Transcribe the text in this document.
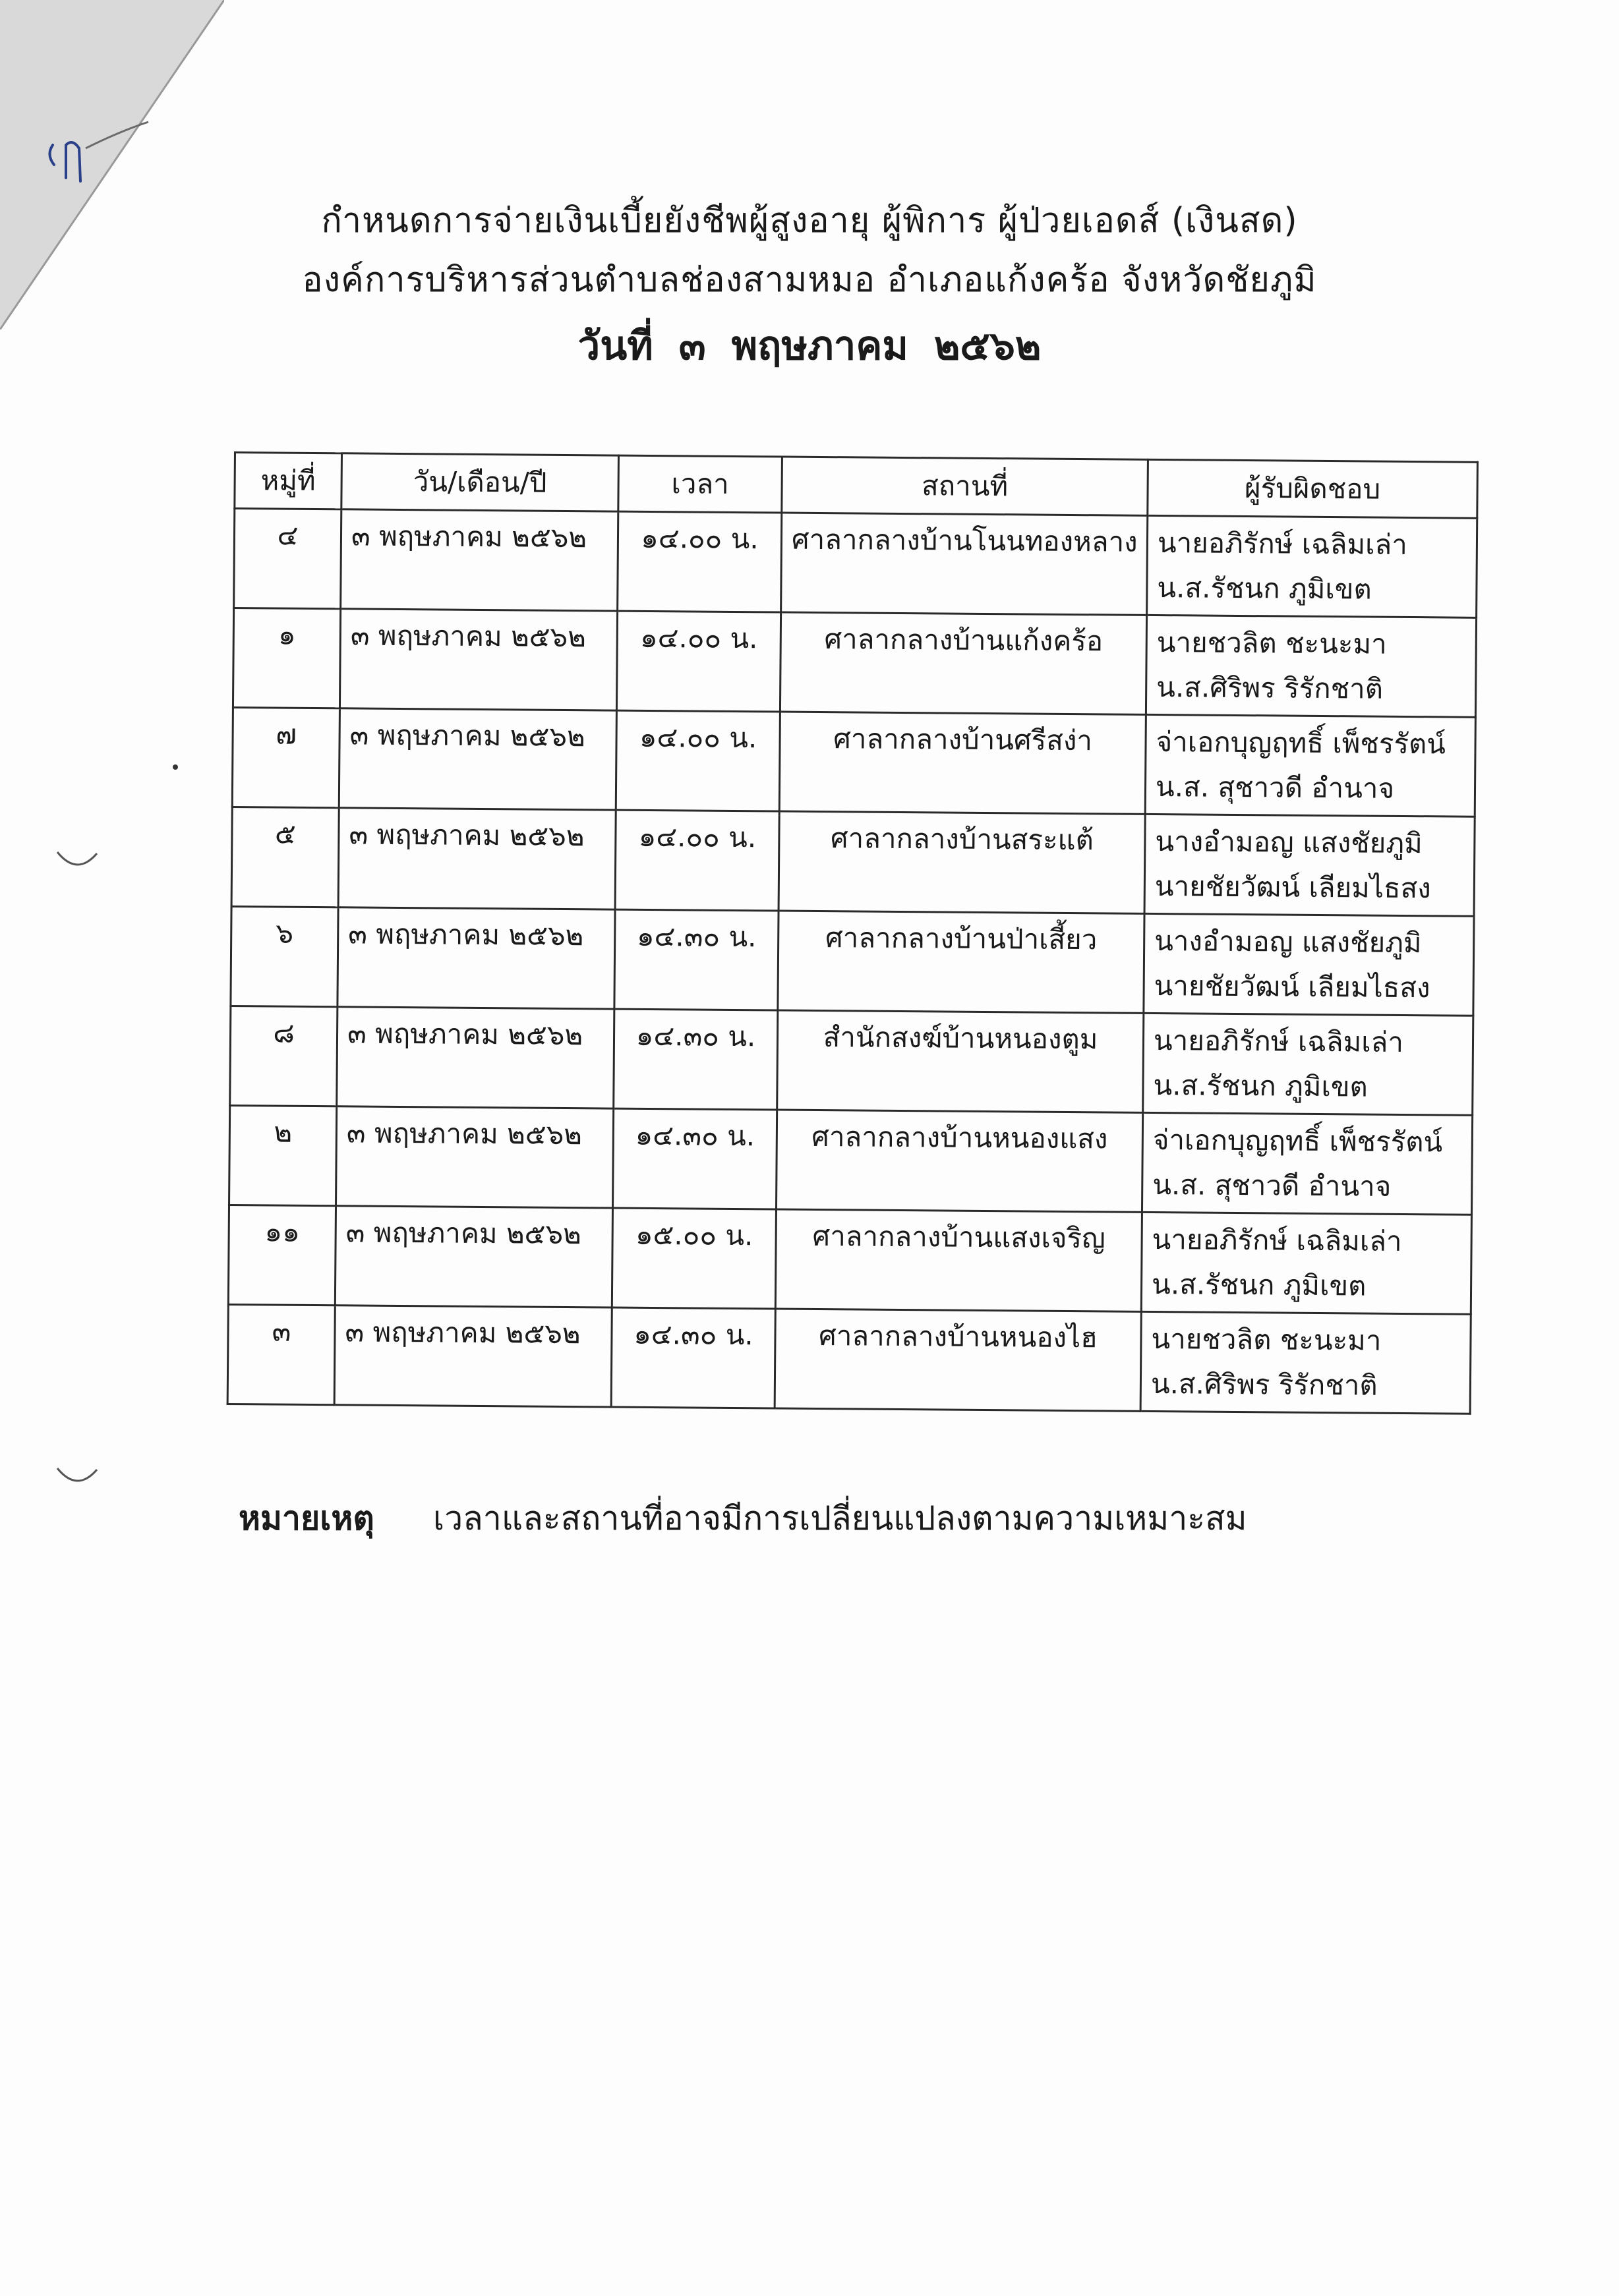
กำหนดการจ่ายเงินเบี้ยยังชีพผู้สูงอายุ ผู้พิการ ผู้ป่วยเอดส์ (เงินสด)

องค์การบริหารส่วนตำบลช่องสามหมอ อำเภอแก้งคร้อ จังหวัดชัยภูมิ

วันที่ ๓ พฤษภาคม ๒๕๖๒

หมู่ที่	วัน/เดือน/ปี	เวลา	สถานที่	ผู้รับผิดชอบ
๔	๓ พฤษภาคม ๒๕๖๒	๑๔.๐๐ น.	ศาลากลางบ้านโนนทองหลาง	นายอภิรักษ์ เฉลิมเล่า
น.ส.รัชนก ภูมิเขต

๑	๓ พฤษภาคม ๒๕๖๒	๑๔.๐๐ น.	ศาลากลางบ้านแก้งคร้อ	นายชวลิต ชะนะมา
น.ส.ศิริพร ริรักชาติ

๗	๓ พฤษภาคม ๒๕๖๒	๑๔.๐๐ น.	ศาลากลางบ้านศรีสง่า	จ่าเอกบุญฤทธิ์ เพ็ชรรัตน์
น.ส. สุชาวดี อำนาจ

๕	๓ พฤษภาคม ๒๕๖๒	๑๔.๐๐ น.	ศาลากลางบ้านสระแต้	นางอำมอญ แสงชัยภูมิ
นายชัยวัฒน์ เลียมไธสง

๖	๓ พฤษภาคม ๒๕๖๒	๑๔.๓๐ น.	ศาลากลางบ้านป่าเสี้ยว	นางอำมอญ แสงชัยภูมิ
นายชัยวัฒน์ เลียมไธสง

๘	๓ พฤษภาคม ๒๕๖๒	๑๔.๓๐ น.	สำนักสงฆ์บ้านหนองตูม	นายอภิรักษ์ เฉลิมเล่า
น.ส.รัชนก ภูมิเขต

๒	๓ พฤษภาคม ๒๕๖๒	๑๔.๓๐ น.	ศาลากลางบ้านหนองแสง	จ่าเอกบุญฤทธิ์ เพ็ชรรัตน์
น.ส. สุชาวดี อำนาจ

๑๑	๓ พฤษภาคม ๒๕๖๒	๑๕.๐๐ น.	ศาลากลางบ้านแสงเจริญ	นายอภิรักษ์ เฉลิมเล่า
น.ส.รัชนก ภูมิเขต

๓	๓ พฤษภาคม ๒๕๖๒	๑๔.๓๐ น.	ศาลากลางบ้านหนองไฮ	นายชวลิต ชะนะมา
น.ส.ศิริพร ริรักชาติ
หมายเหตุ เวลาและสถานที่อาจมีการเปลี่ยนแปลงตามความเหมาะสม
